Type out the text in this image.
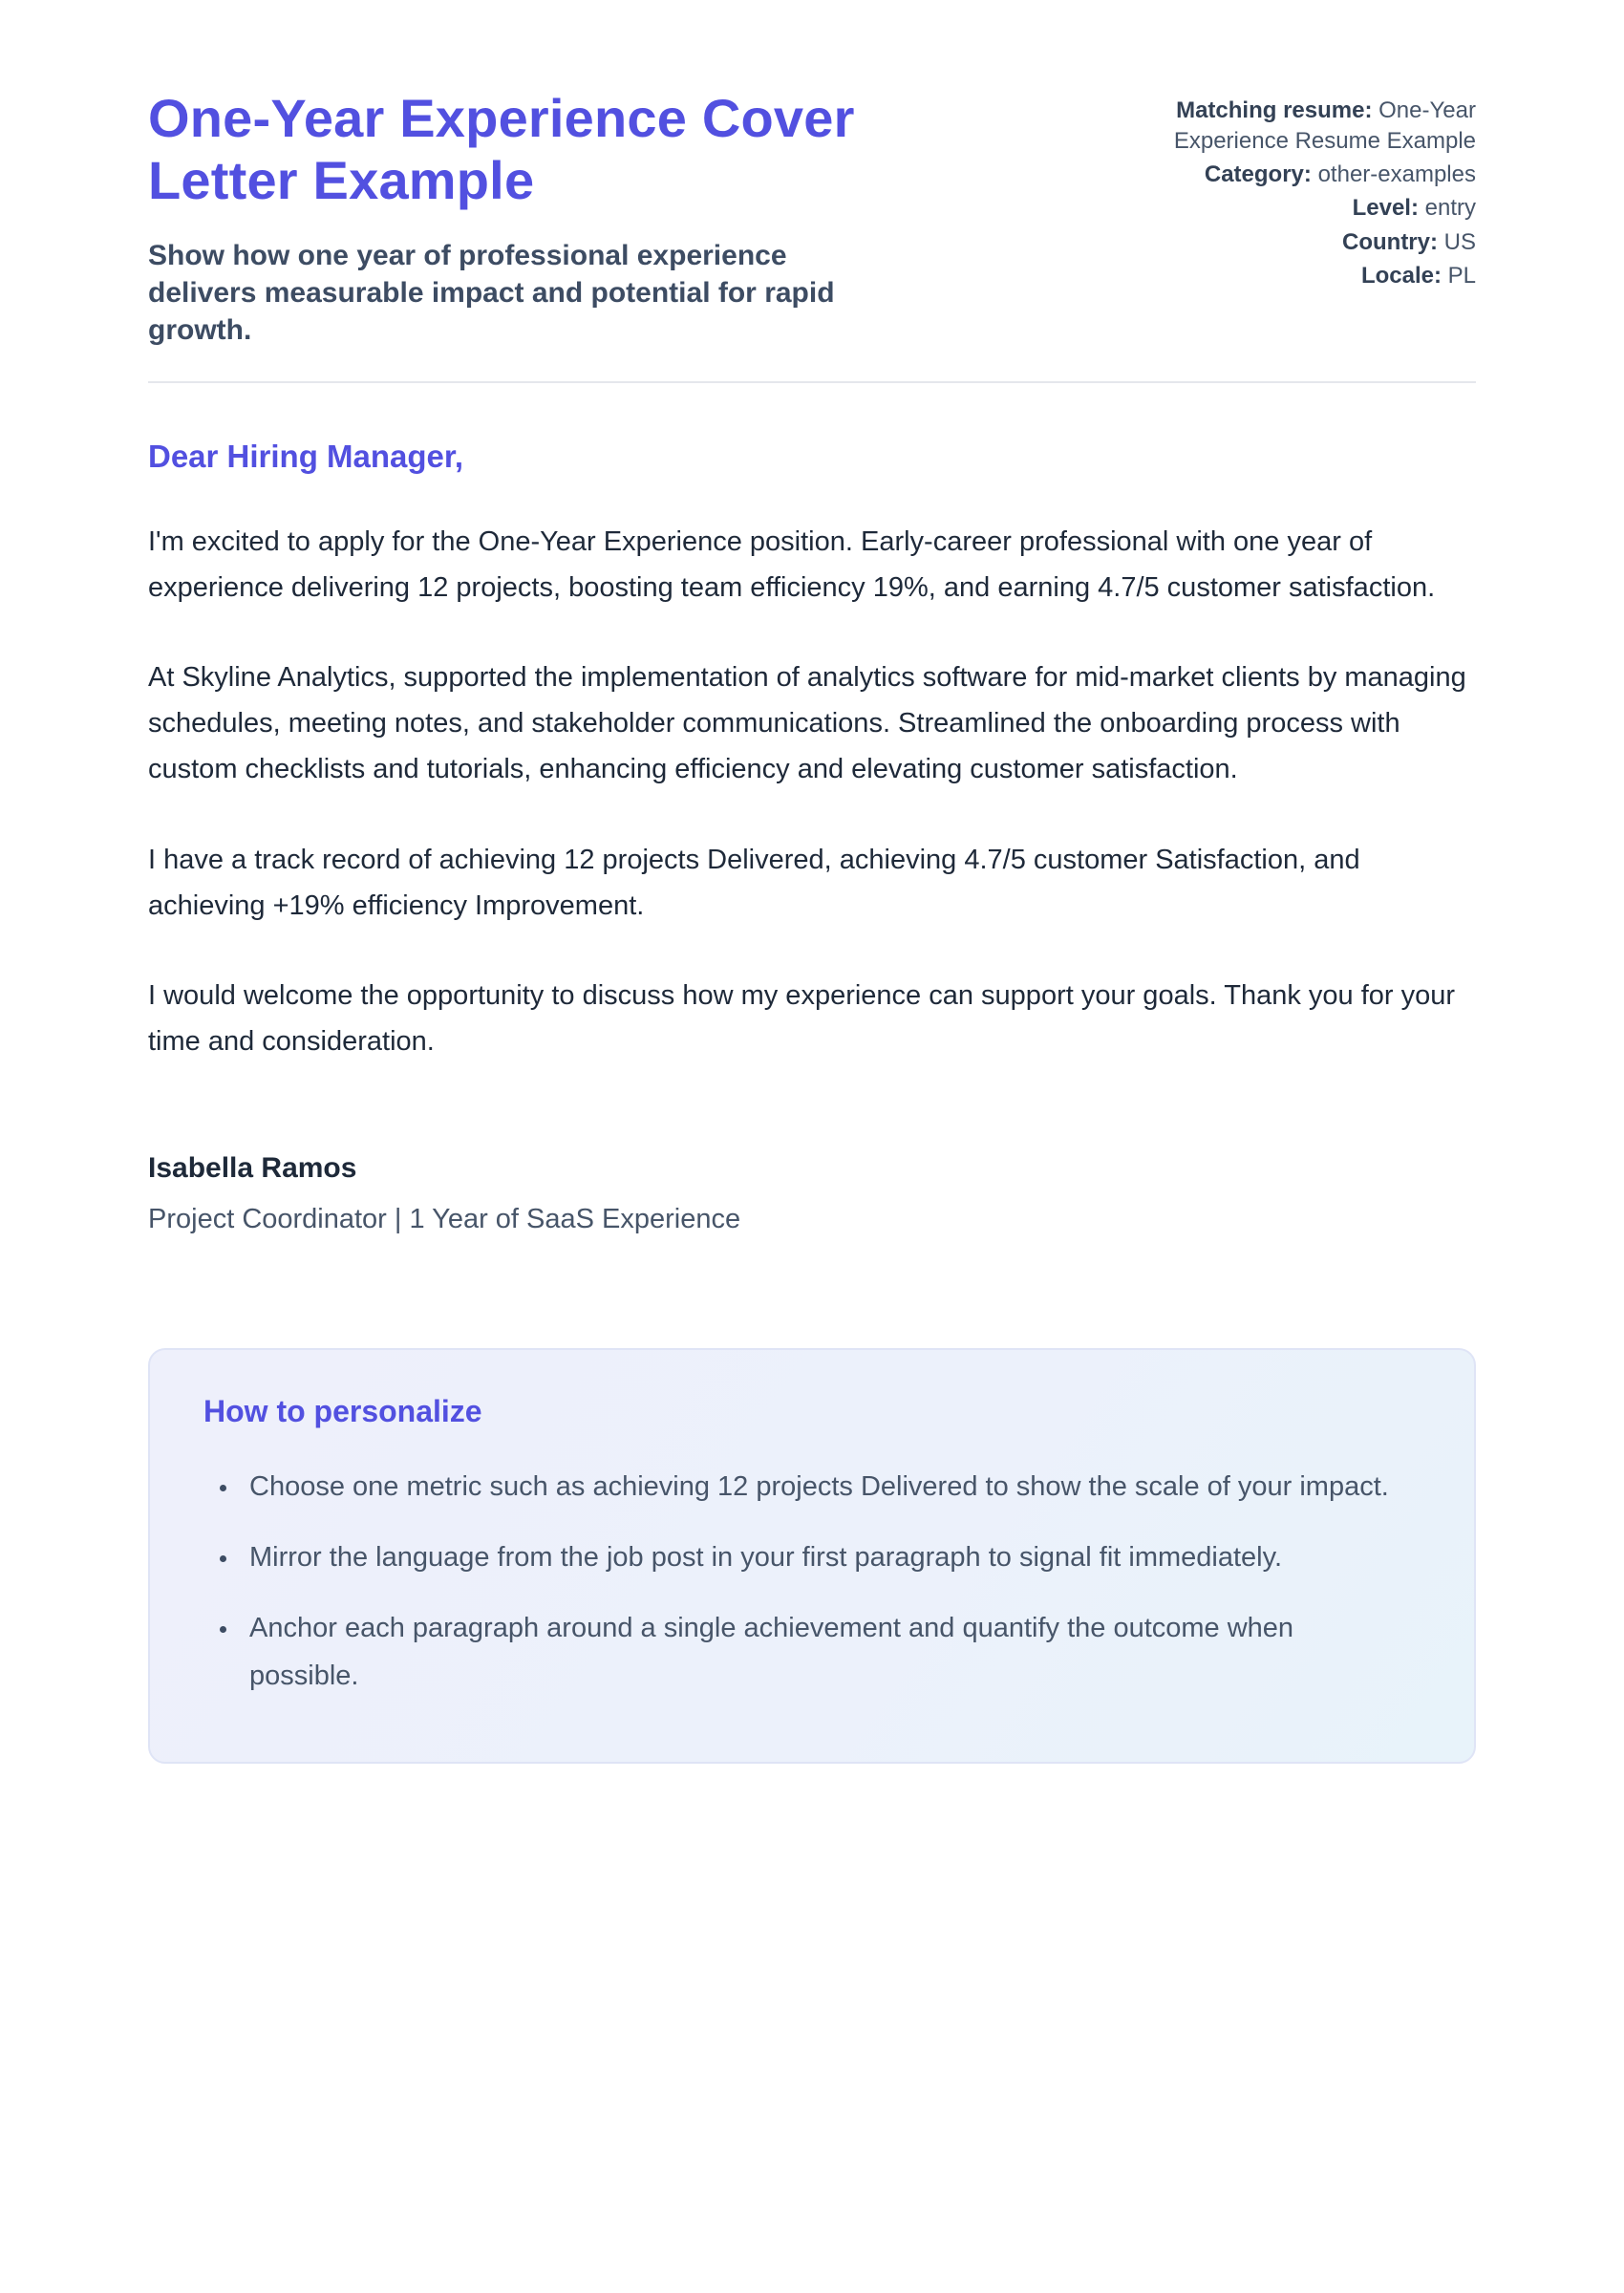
One-Year Experience Cover Letter Example

Show how one year of professional experience delivers measurable impact and potential for rapid growth.

Matching resume: One-Year Experience Resume Example
Category: other-examples
Level: entry
Country: US
Locale: PL

Dear Hiring Manager,

I'm excited to apply for the One-Year Experience position. Early-career professional with one year of experience delivering 12 projects, boosting team efficiency 19%, and earning 4.7/5 customer satisfaction.

At Skyline Analytics, supported the implementation of analytics software for mid-market clients by managing schedules, meeting notes, and stakeholder communications. Streamlined the onboarding process with custom checklists and tutorials, enhancing efficiency and elevating customer satisfaction.

I have a track record of achieving 12 projects Delivered, achieving 4.7/5 customer Satisfaction, and achieving +19% efficiency Improvement.

I would welcome the opportunity to discuss how my experience can support your goals. Thank you for your time and consideration.

Isabella Ramos

Project Coordinator | 1 Year of SaaS Experience

How to personalize
• Choose one metric such as achieving 12 projects Delivered to show the scale of your impact.
• Mirror the language from the job post in your first paragraph to signal fit immediately.
• Anchor each paragraph around a single achievement and quantify the outcome when possible.
